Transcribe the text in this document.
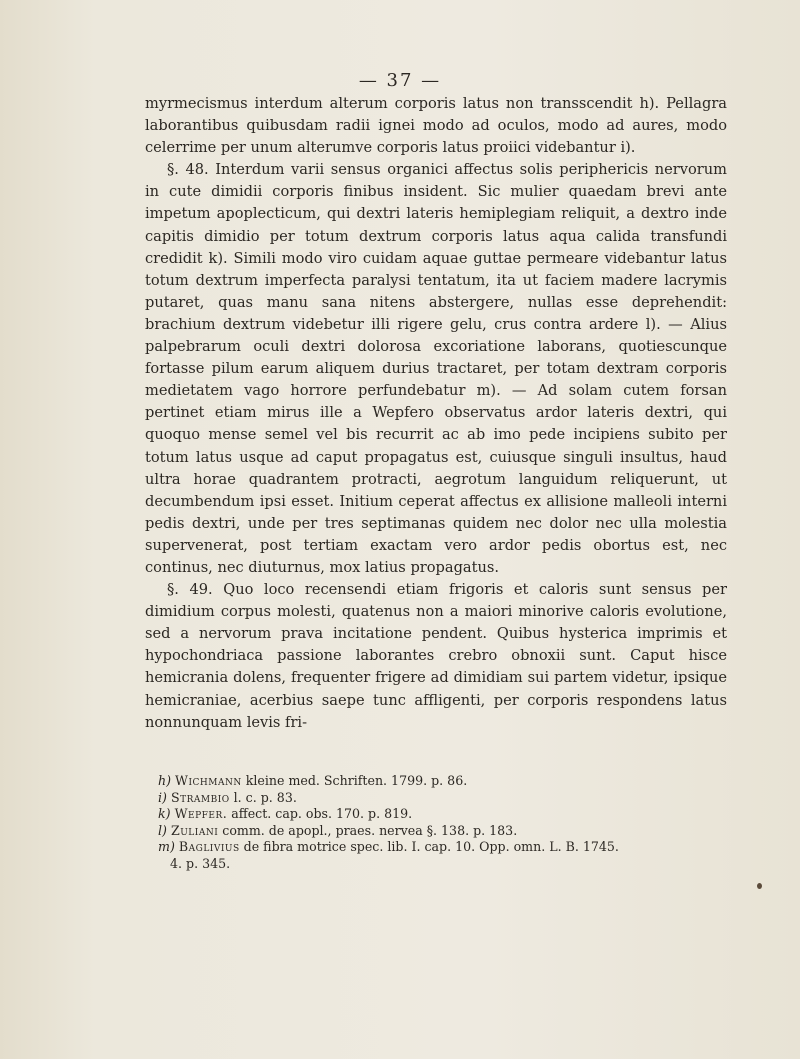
— 37 —

myrmecismus interdum alterum corporis latus non transscendit h). Pellagra laborantibus quibusdam radii ignei modo ad oculos, modo ad aures, modo celerrime per unum alterumve corporis latus proiici videbantur i).

§. 48. Interdum varii sensus organici affectus solis periphericis nervorum in cute dimidii corporis finibus insident. Sic mulier quaedam brevi ante impetum apoplecticum, qui dextri lateris hemiplegiam reliquit, a dextro inde capitis dimidio per totum dextrum corporis latus aqua calida transfundi credidit k). Simili modo viro cuidam aquae guttae permeare videbantur latus totum dextrum imperfecta paralysi tentatum, ita ut faciem madere lacrymis putaret, quas manu sana nitens abstergere, nullas esse deprehendit: brachium dextrum videbetur illi rigere gelu, crus contra ardere l). — Alius palpebrarum oculi dextri dolorosa excoriatione laborans, quotiescunque fortasse pilum earum aliquem durius tractaret, per totam dextram corporis medietatem vago horrore perfundebatur m). — Ad solam cutem forsan pertinet etiam mirus ille a Wepfero observatus ardor lateris dextri, qui quoquo mense semel vel bis recurrit ac ab imo pede incipiens subito per totum latus usque ad caput propagatus est, cuiusque singuli insultus, haud ultra horae quadrantem protracti, aegrotum languidum reliquerunt, ut decumbendum ipsi esset. Initium ceperat affectus ex allisione malleoli interni pedis dextri, unde per tres septimanas quidem nec dolor nec ulla molestia supervenerat, post tertiam exactam vero ardor pedis obortus est, nec continus, nec diuturnus, mox latius propagatus.

§. 49. Quo loco recensendi etiam frigoris et caloris sunt sensus per dimidium corpus molesti, quatenus non a maiori minorive caloris evolutione, sed a nervorum prava incitatione pendent. Quibus hysterica imprimis et hypochondriaca passione laborantes crebro obnoxii sunt. Caput hisce hemicrania dolens, frequenter frigere ad dimidiam sui partem videtur, ipsique hemicraniae, acerbius saepe tunc affligenti, per corporis respondens latus nonnunquam levis fri-

h) Wichmann kleine med. Schriften. 1799. p. 86.
i) Strambio l. c. p. 83.
k) Wepfer. affect. cap. obs. 170. p. 819.
l) Zuliani comm. de apopl., praes. nervea §. 138. p. 183.
m) Baglivius de fibra motrice spec. lib. I. cap. 10. Opp. omn. L. B. 1745.
4. p. 345.
